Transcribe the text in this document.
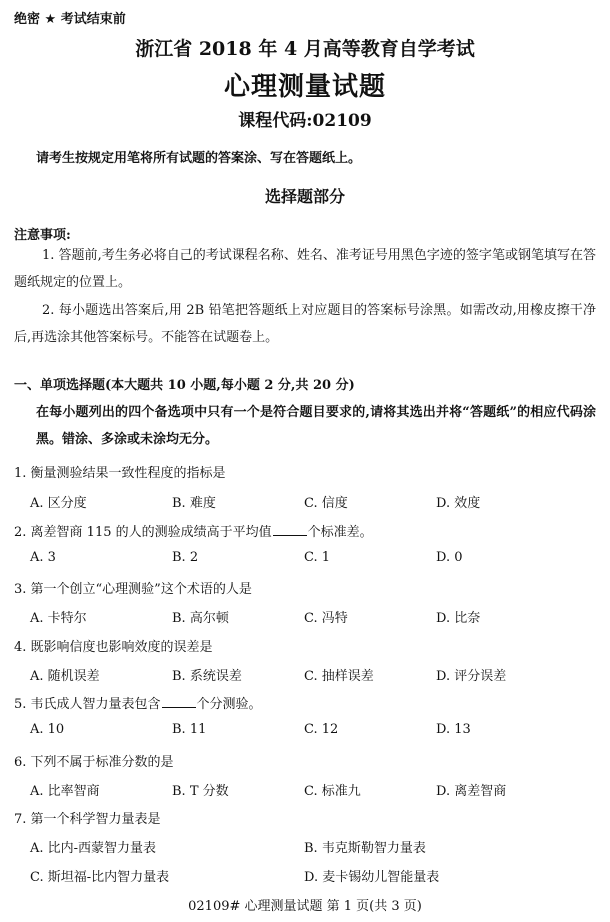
绝密 ★ 考试结束前
浙江省 2018 年 4 月高等教育自学考试
心理测量试题
课程代码:02109
请考生按规定用笔将所有试题的答案涂、写在答题纸上。
选择题部分
注意事项:
1. 答题前,考生务必将自己的考试课程名称、姓名、准考证号用黑色字迹的签字笔或钢笔填写在答题纸规定的位置上。
2. 每小题选出答案后,用 2B 铅笔把答题纸上对应题目的答案标号涂黑。如需改动,用橡皮擦干净后,再选涂其他答案标号。不能答在试题卷上。
一、单项选择题(本大题共 10 小题,每小题 2 分,共 20 分)
在每小题列出的四个备选项中只有一个是符合题目要求的,请将其选出并将“答题纸”的相应代码涂黑。错涂、多涂或未涂均无分。
1. 衡量测验结果一致性程度的指标是
A. 区分度	B. 难度	C. 信度	D. 效度
2. 离差智商 115 的人的测验成绩高于平均值	个标准差。
A. 3	B. 2	C. 1	D. 0
3. 第一个创立“心理测验”这个术语的人是
A. 卡特尔	B. 高尔顿	C. 冯特	D. 比奈
4. 既影响信度也影响效度的误差是
A. 随机误差	B. 系统误差	C. 抽样误差	D. 评分误差
5. 韦氏成人智力量表包含	个分测验。
A. 10	B. 11	C. 12	D. 13
6. 下列不属于标准分数的是
A. 比率智商	B. T 分数	C. 标准九	D. 离差智商
7. 第一个科学智力量表是
A. 比内-西蒙智力量表	B. 韦克斯勒智力量表
C. 斯坦福-比内智力量表	D. 麦卡锡幼儿智能量表
02109# 心理测量试题 第 1 页(共 3 页)
